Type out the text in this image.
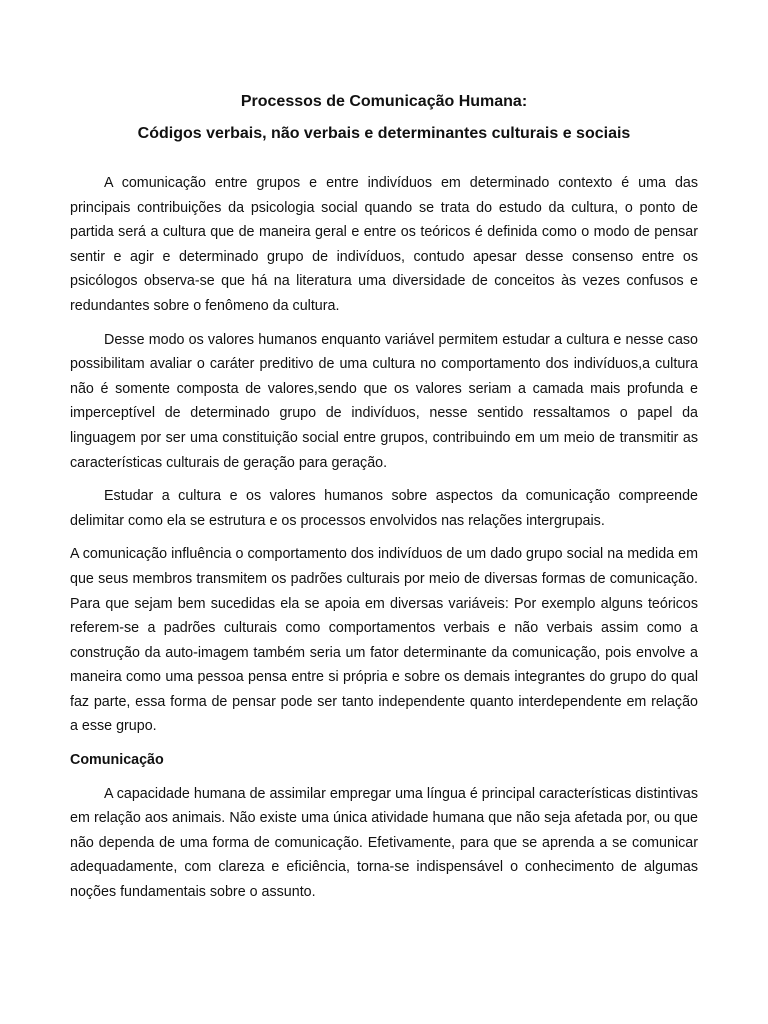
Processos de Comunicação Humana:

Códigos verbais, não verbais e determinantes culturais e sociais

A comunicação entre grupos e entre indivíduos em determinado contexto é uma das principais contribuições da psicologia social quando se trata do estudo da cultura, o ponto de partida será a cultura que de maneira geral e entre os teóricos é definida como o modo de pensar sentir e agir e determinado grupo de indivíduos, contudo apesar desse consenso entre os psicólogos observa-se que há na literatura uma diversidade de conceitos às vezes confusos e redundantes sobre o fenômeno da cultura.

Desse modo os valores humanos enquanto variável permitem estudar a cultura e nesse caso possibilitam avaliar o caráter preditivo de uma cultura no comportamento dos indivíduos,a cultura não é somente composta de valores,sendo que os valores seriam a camada mais profunda e imperceptível de determinado grupo de indivíduos, nesse sentido ressaltamos o papel da linguagem por ser uma constituição social entre grupos, contribuindo em um meio de transmitir as características culturais de geração para geração.

Estudar a cultura e os valores humanos sobre aspectos da comunicação compreende delimitar como ela se estrutura e os processos envolvidos nas relações intergrupais.

A comunicação influência o comportamento dos indivíduos de um dado grupo social na medida em que seus membros transmitem os padrões culturais por meio de diversas formas de comunicação. Para que sejam bem sucedidas ela se apoia em diversas variáveis: Por exemplo alguns teóricos referem-se a padrões culturais como comportamentos verbais e não verbais assim como a construção da auto-imagem também seria um fator determinante da comunicação, pois envolve a maneira como uma pessoa pensa entre si própria e sobre os demais integrantes do grupo do qual faz parte, essa forma de pensar pode ser tanto independente quanto interdependente em relação a esse grupo.

Comunicação

A capacidade humana de assimilar empregar uma língua é principal características distintivas em relação aos animais. Não existe uma única atividade humana que não seja afetada por, ou que não dependa de uma forma de comunicação. Efetivamente, para que se aprenda a se comunicar adequadamente, com clareza e eficiência, torna-se indispensável o conhecimento de algumas noções fundamentais sobre o assunto.
